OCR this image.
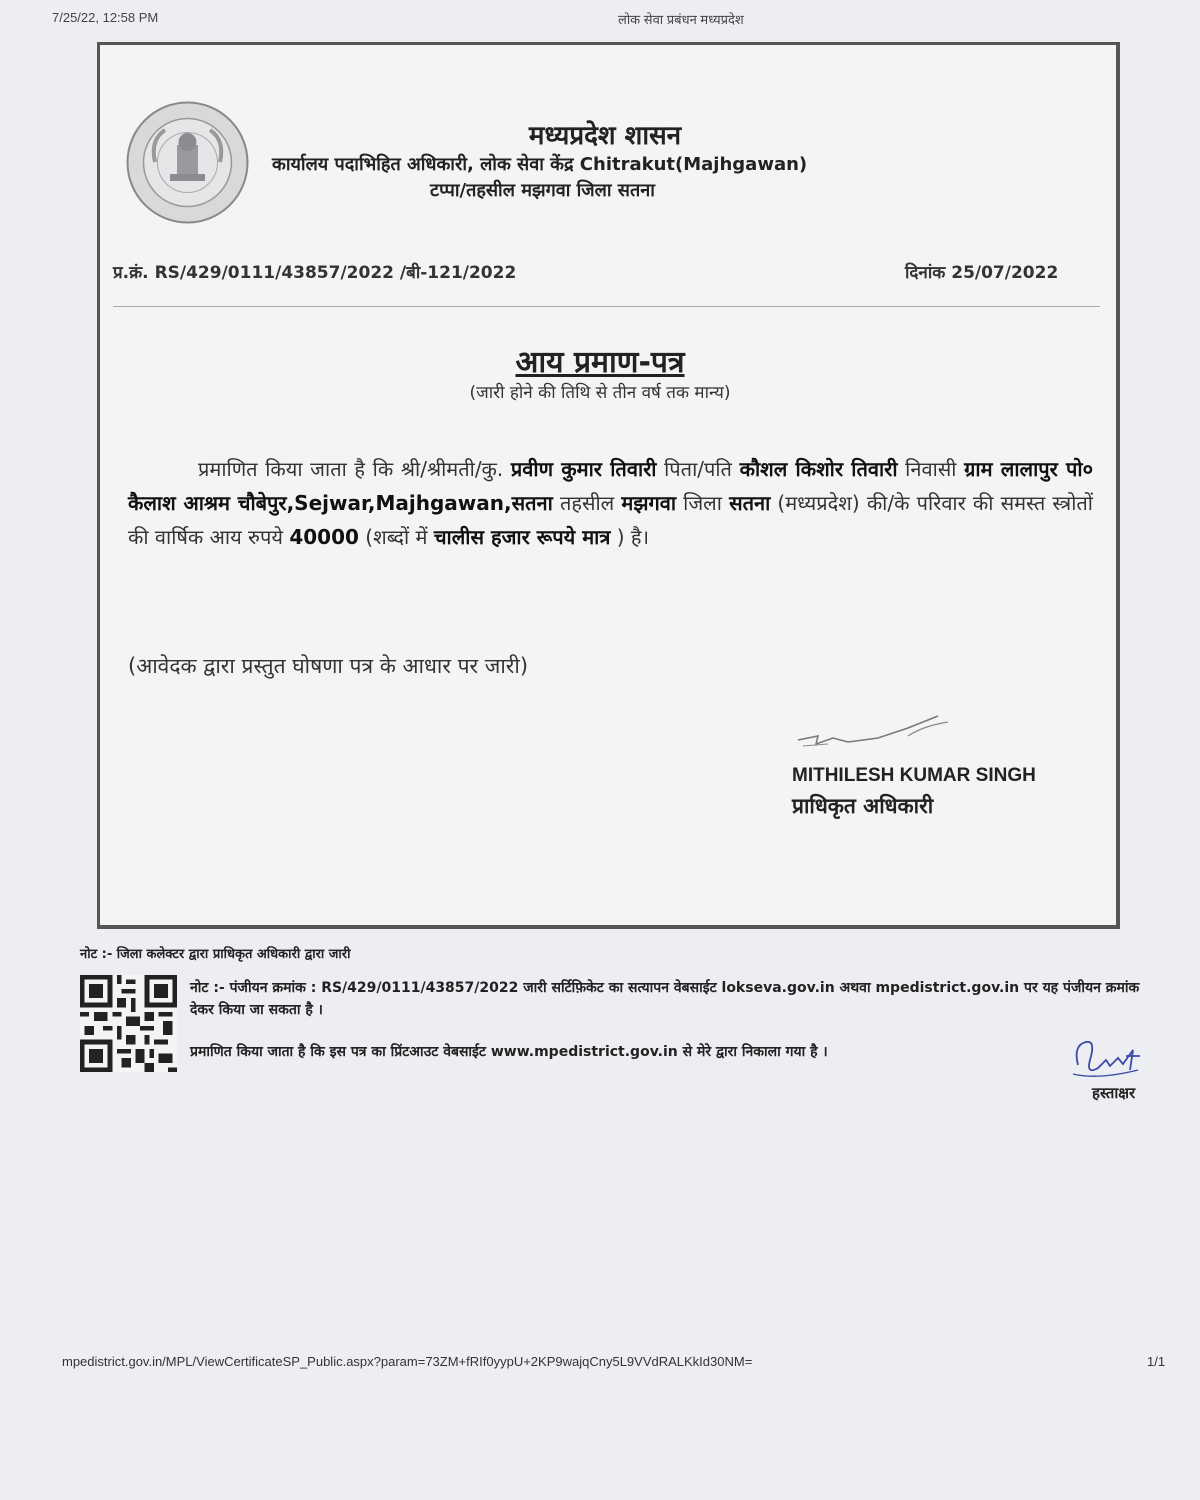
7/25/22, 12:58 PM	लोक सेवा प्रबंधन मध्यप्रदेश
मध्यप्रदेश शासन
कार्यालय पदाभिहित अधिकारी, लोक सेवा केंद्र Chitrakut(Majhgawan)
टप्पा/तहसील मझगवा जिला सतना
प्र.क्रं. RS/429/0111/43857/2022 /बी-121/2022	दिनांक 25/07/2022
आय प्रमाण-पत्र
(जारी होने की तिथि से तीन वर्ष तक मान्य)
प्रमाणित किया जाता है कि श्री/श्रीमती/कु. प्रवीण कुमार तिवारी पिता/पति कौशल किशोर तिवारी निवासी ग्राम लालापुर पो० कैलाश आश्रम चौबेपुर,Sejwar,Majhgawan,सतना तहसील मझगवा जिला सतना (मध्यप्रदेश) की/के परिवार की समस्त स्त्रोतों की वार्षिक आय रुपये 40000 (शब्दों में चालीस हजार रूपये मात्र ) है।
(आवेदक द्वारा प्रस्तुत घोषणा पत्र के आधार पर जारी)
MITHILESH KUMAR SINGH
प्राधिकृत अधिकारी
नोट :- जिला कलेक्टर द्वारा प्राधिकृत अधिकारी द्वारा जारी
नोट :- पंजीयन क्रमांक : RS/429/0111/43857/2022 जारी सर्टिफ़िकेट का सत्यापन वेबसाईट lokseva.gov.in अथवा mpedistrict.gov.in पर यह पंजीयन क्रमांक देकर किया जा सकता है ।
प्रमाणित किया जाता है कि इस पत्र का प्रिंटआउट वेबसाईट www.mpedistrict.gov.in से मेरे द्वारा निकाला गया है ।
हस्ताक्षर
mpedistrict.gov.in/MPL/ViewCertificateSP_Public.aspx?param=73ZM+fRIf0yypU+2KP9wajqCny5L9VVdRALKkId30NM=	1/1
